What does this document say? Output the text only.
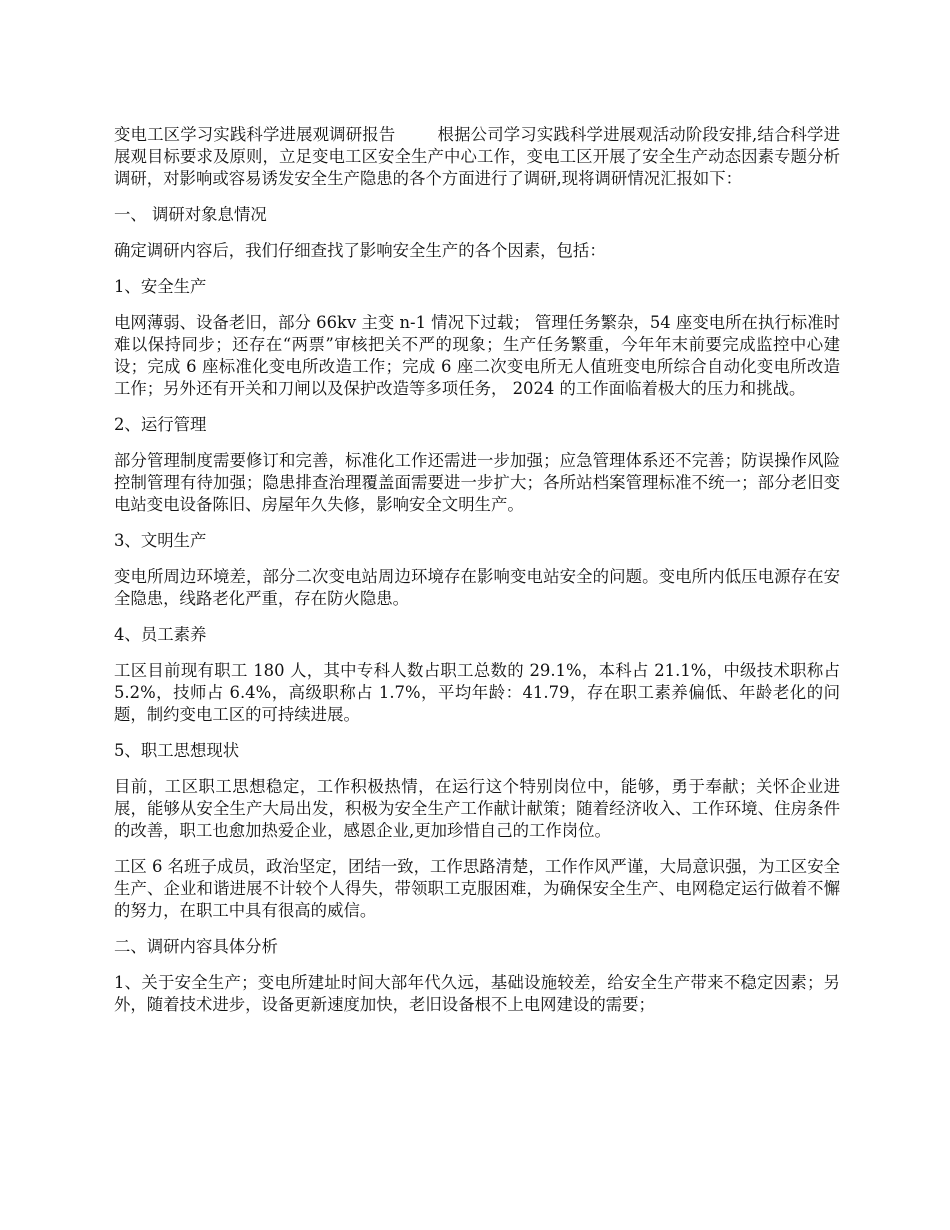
变电工区学习实践科学进展观调研报告	根据公司学习实践科学进展观活动阶段安排,结合科学进展观目标要求及原则，立足变电工区安全生产中心工作，变电工区开展了安全生产动态因素专题分析调研，对影响或容易诱发安全生产隐患的各个方面进行了调研,现将调研情况汇报如下：

一、 调研对象息情况

确定调研内容后，我们仔细查找了影响安全生产的各个因素，包括：

1、安全生产

电网薄弱、设备老旧，部分 66kv 主变 n-1 情况下过载； 管理任务繁杂，54 座变电所在执行标准时难以保持同步；还存在“两票”审核把关不严的现象；生产任务繁重，今年年末前要完成监控中心建设；完成 6 座标准化变电所改造工作；完成 6 座二次变电所无人值班变电所综合自动化变电所改造工作；另外还有开关和刀闸以及保护改造等多项任务， 2024 的工作面临着极大的压力和挑战。

2、运行管理

部分管理制度需要修订和完善，标准化工作还需进一步加强；应急管理体系还不完善；防误操作风险控制管理有待加强；隐患排查治理覆盖面需要进一步扩大；各所站档案管理标准不统一；部分老旧变电站变电设备陈旧、房屋年久失修，影响安全文明生产。

3、文明生产

变电所周边环境差，部分二次变电站周边环境存在影响变电站安全的问题。变电所内低压电源存在安全隐患，线路老化严重，存在防火隐患。

4、员工素养

工区目前现有职工 180 人，其中专科人数占职工总数的 29.1%，本科占 21.1%，中级技术职称占 5.2%，技师占 6.4%，高级职称占 1.7%，平均年龄：41.79，存在职工素养偏低、年龄老化的问题，制约变电工区的可持续进展。

5、职工思想现状

目前，工区职工思想稳定，工作积极热情，在运行这个特别岗位中，能够，勇于奉献；关怀企业进展，能够从安全生产大局出发，积极为安全生产工作献计献策；随着经济收入、工作环境、住房条件的改善，职工也愈加热爱企业，感恩企业,更加珍惜自己的工作岗位。

工区 6 名班子成员，政治坚定，团结一致，工作思路清楚，工作作风严谨，大局意识强，为工区安全生产、企业和谐进展不计较个人得失，带领职工克服困难，为确保安全生产、电网稳定运行做着不懈的努力，在职工中具有很高的威信。

二、调研内容具体分析

1、关于安全生产；变电所建址时间大部年代久远，基础设施较差，给安全生产带来不稳定因素；另外，随着技术进步，设备更新速度加快，老旧设备根不上电网建设的需要；
